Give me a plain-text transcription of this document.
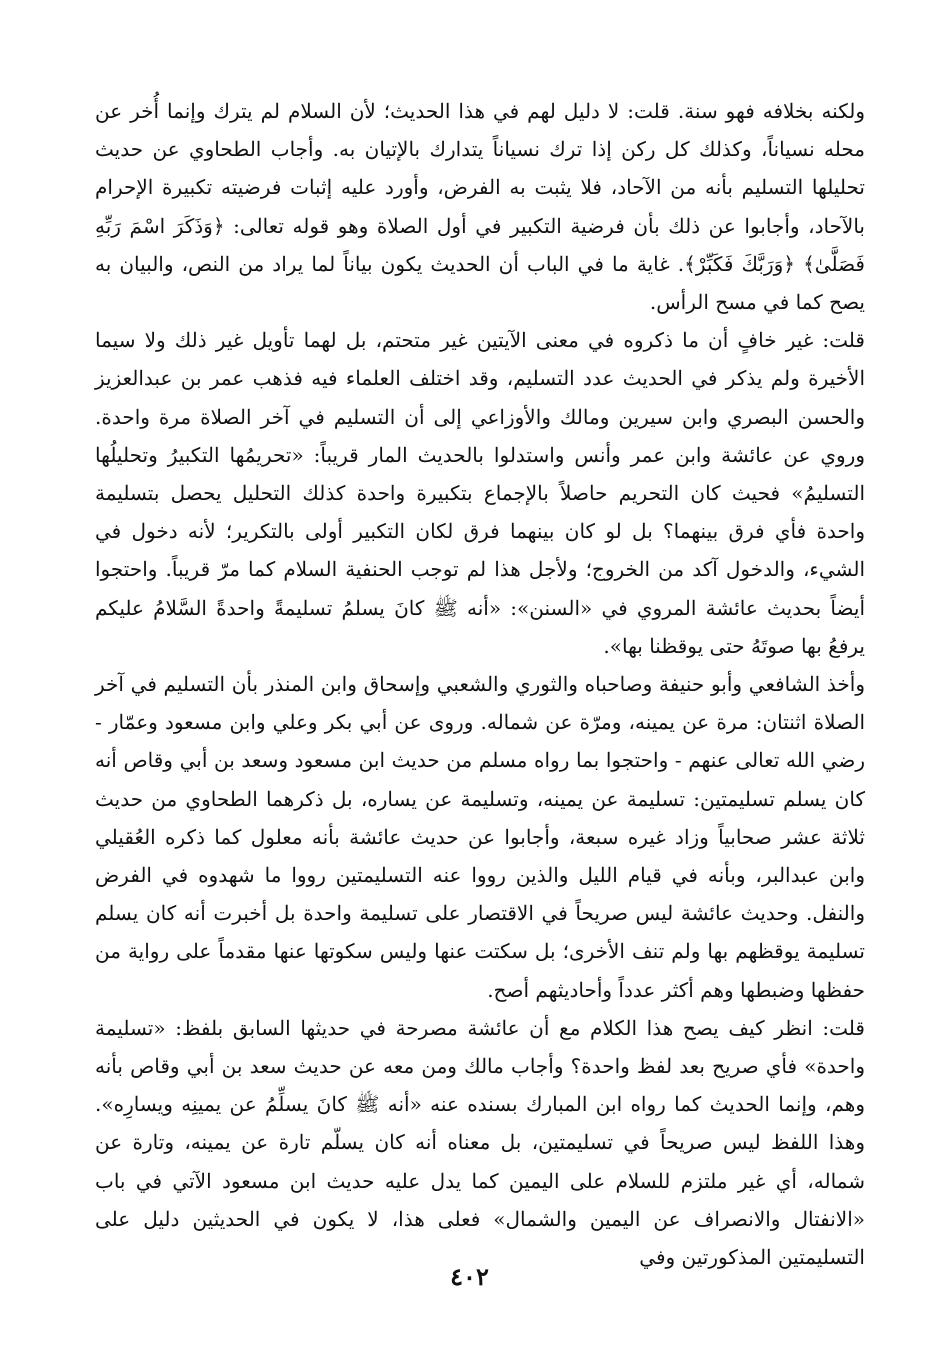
ولكنه بخلافه فهو سنة. قلت: لا دليل لهم في هذا الحديث؛ لأن السلام لم يترك وإنما أُخر عن محله نسياناً، وكذلك كل ركن إذا ترك نسياناً يتدارك بالإتيان به. وأجاب الطحاوي عن حديث تحليلها التسليم بأنه من الآحاد، فلا يثبت به الفرض، وأورد عليه إثبات فرضيته تكبيرة الإحرام بالآحاد، وأجابوا عن ذلك بأن فرضية التكبير في أول الصلاة وهو قوله تعالى: ﴿وَذَكَرَ اسْمَ رَبِّهِ فَصَلَّىٰ﴾ ﴿وَرَبَّكَ فَكَبِّرْ﴾. غاية ما في الباب أن الحديث يكون بياناً لما يراد من النص، والبيان به يصح كما في مسح الرأس.

قلت: غير خافٍ أن ما ذكروه في معنى الآيتين غير متحتم، بل لهما تأويل غير ذلك ولا سيما الأخيرة ولم يذكر في الحديث عدد التسليم، وقد اختلف العلماء فيه فذهب عمر بن عبدالعزيز والحسن البصري وابن سيرين ومالك والأوزاعي إلى أن التسليم في آخر الصلاة مرة واحدة. وروي عن عائشة وابن عمر وأنس واستدلوا بالحديث المار قريباً: «تحريمُها التكبيرُ وتحليلُها التسليمُ» فحيث كان التحريم حاصلاً بالإجماع بتكبيرة واحدة كذلك التحليل يحصل بتسليمة واحدة فأي فرق بينهما؟ بل لو كان بينهما فرق لكان التكبير أولى بالتكرير؛ لأنه دخول في الشيء، والدخول آكد من الخروج؛ ولأجل هذا لم توجب الحنفية السلام كما مرّ قريباً. واحتجوا أيضاً بحديث عائشة المروي في «السنن»: «أنه ﷺ كانَ يسلمُ تسليمةً واحدةً السَّلامُ عليكم يرفعُ بها صوتَهُ حتى يوقظنا بها».

وأخذ الشافعي وأبو حنيفة وصاحباه والثوري والشعبي وإسحاق وابن المنذر بأن التسليم في آخر الصلاة اثنتان: مرة عن يمينه، ومرّة عن شماله. وروى عن أبي بكر وعلي وابن مسعود وعمّار - رضي الله تعالى عنهم - واحتجوا بما رواه مسلم من حديث ابن مسعود وسعد بن أبي وقاص أنه كان يسلم تسليمتين: تسليمة عن يمينه، وتسليمة عن يساره، بل ذكرهما الطحاوي من حديث ثلاثة عشر صحابياً وزاد غيره سبعة، وأجابوا عن حديث عائشة بأنه معلول كما ذكره العُقيلي وابن عبدالبر، وبأنه في قيام الليل والذين رووا عنه التسليمتين رووا ما شهدوه في الفرض والنفل. وحديث عائشة ليس صريحاً في الاقتصار على تسليمة واحدة بل أخبرت أنه كان يسلم تسليمة يوقظهم بها ولم تنف الأخرى؛ بل سكتت عنها وليس سكوتها عنها مقدماً على رواية من حفظها وضبطها وهم أكثر عدداً وأحاديثهم أصح.

قلت: انظر كيف يصح هذا الكلام مع أن عائشة مصرحة في حديثها السابق بلفظ: «تسليمة واحدة» فأي صريح بعد لفظ واحدة؟ وأجاب مالك ومن معه عن حديث سعد بن أبي وقاص بأنه وهم، وإنما الحديث كما رواه ابن المبارك بسنده عنه «أنه ﷺ كانَ يسلِّمُ عن يمينِه ويسارِه». وهذا اللفظ ليس صريحاً في تسليمتين، بل معناه أنه كان يسلّم تارة عن يمينه، وتارة عن شماله، أي غير ملتزم للسلام على اليمين كما يدل عليه حديث ابن مسعود الآتي في باب «الانفتال والانصراف عن اليمين والشمال» فعلى هذا، لا يكون في الحديثين دليل على التسليمتين المذكورتين وفي

٤٠٢
